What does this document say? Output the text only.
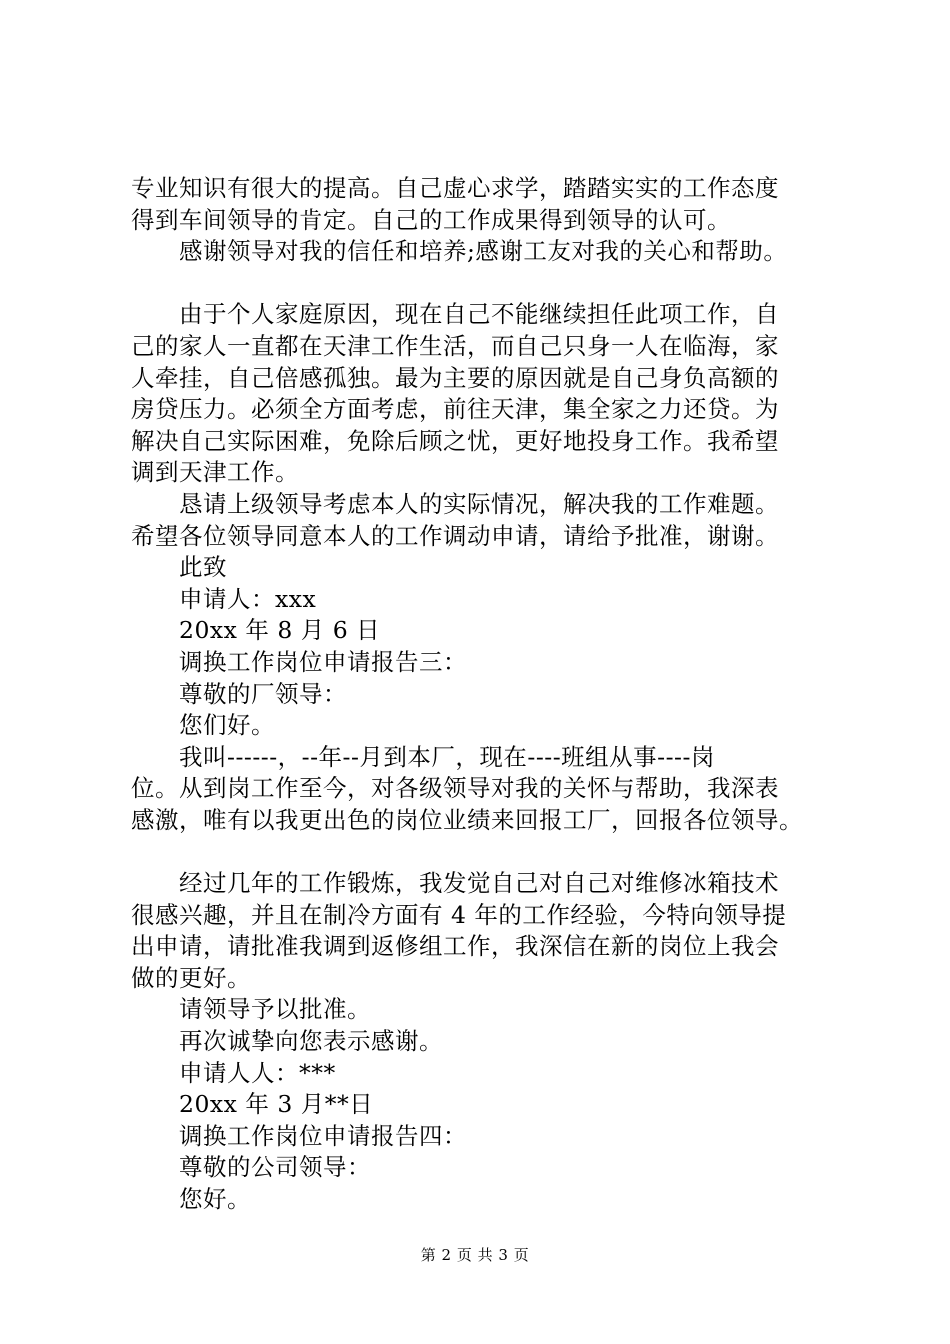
专业知识有很大的提高。自己虚心求学，踏踏实实的工作态度
得到车间领导的肯定。自己的工作成果得到领导的认可。
感谢领导对我的信任和培养;感谢工友对我的关心和帮助。
由于个人家庭原因，现在自己不能继续担任此项工作，自
己的家人一直都在天津工作生活，而自己只身一人在临海，家
人牵挂，自己倍感孤独。最为主要的原因就是自己身负高额的
房贷压力。必须全方面考虑，前往天津，集全家之力还贷。为
解决自己实际困难，免除后顾之忧，更好地投身工作。我希望
调到天津工作。
恳请上级领导考虑本人的实际情况，解决我的工作难题。
希望各位领导同意本人的工作调动申请，请给予批准，谢谢。
此致
申请人：xxx
20xx 年 8 月 6 日
调换工作岗位申请报告三：
尊敬的厂领导：
您们好。
我叫------，--年--月到本厂，现在----班组从事----岗
位。从到岗工作至今，对各级领导对我的关怀与帮助，我深表
感激，唯有以我更出色的岗位业绩来回报工厂，回报各位领导。
经过几年的工作锻炼，我发觉自己对自己对维修冰箱技术
很感兴趣，并且在制冷方面有 4 年的工作经验，今特向领导提
出申请，请批准我调到返修组工作，我深信在新的岗位上我会
做的更好。
请领导予以批准。
再次诚挚向您表示感谢。
申请人人：***
20xx 年 3 月**日
调换工作岗位申请报告四：
尊敬的公司领导：
您好。
第 2 页 共 3 页
